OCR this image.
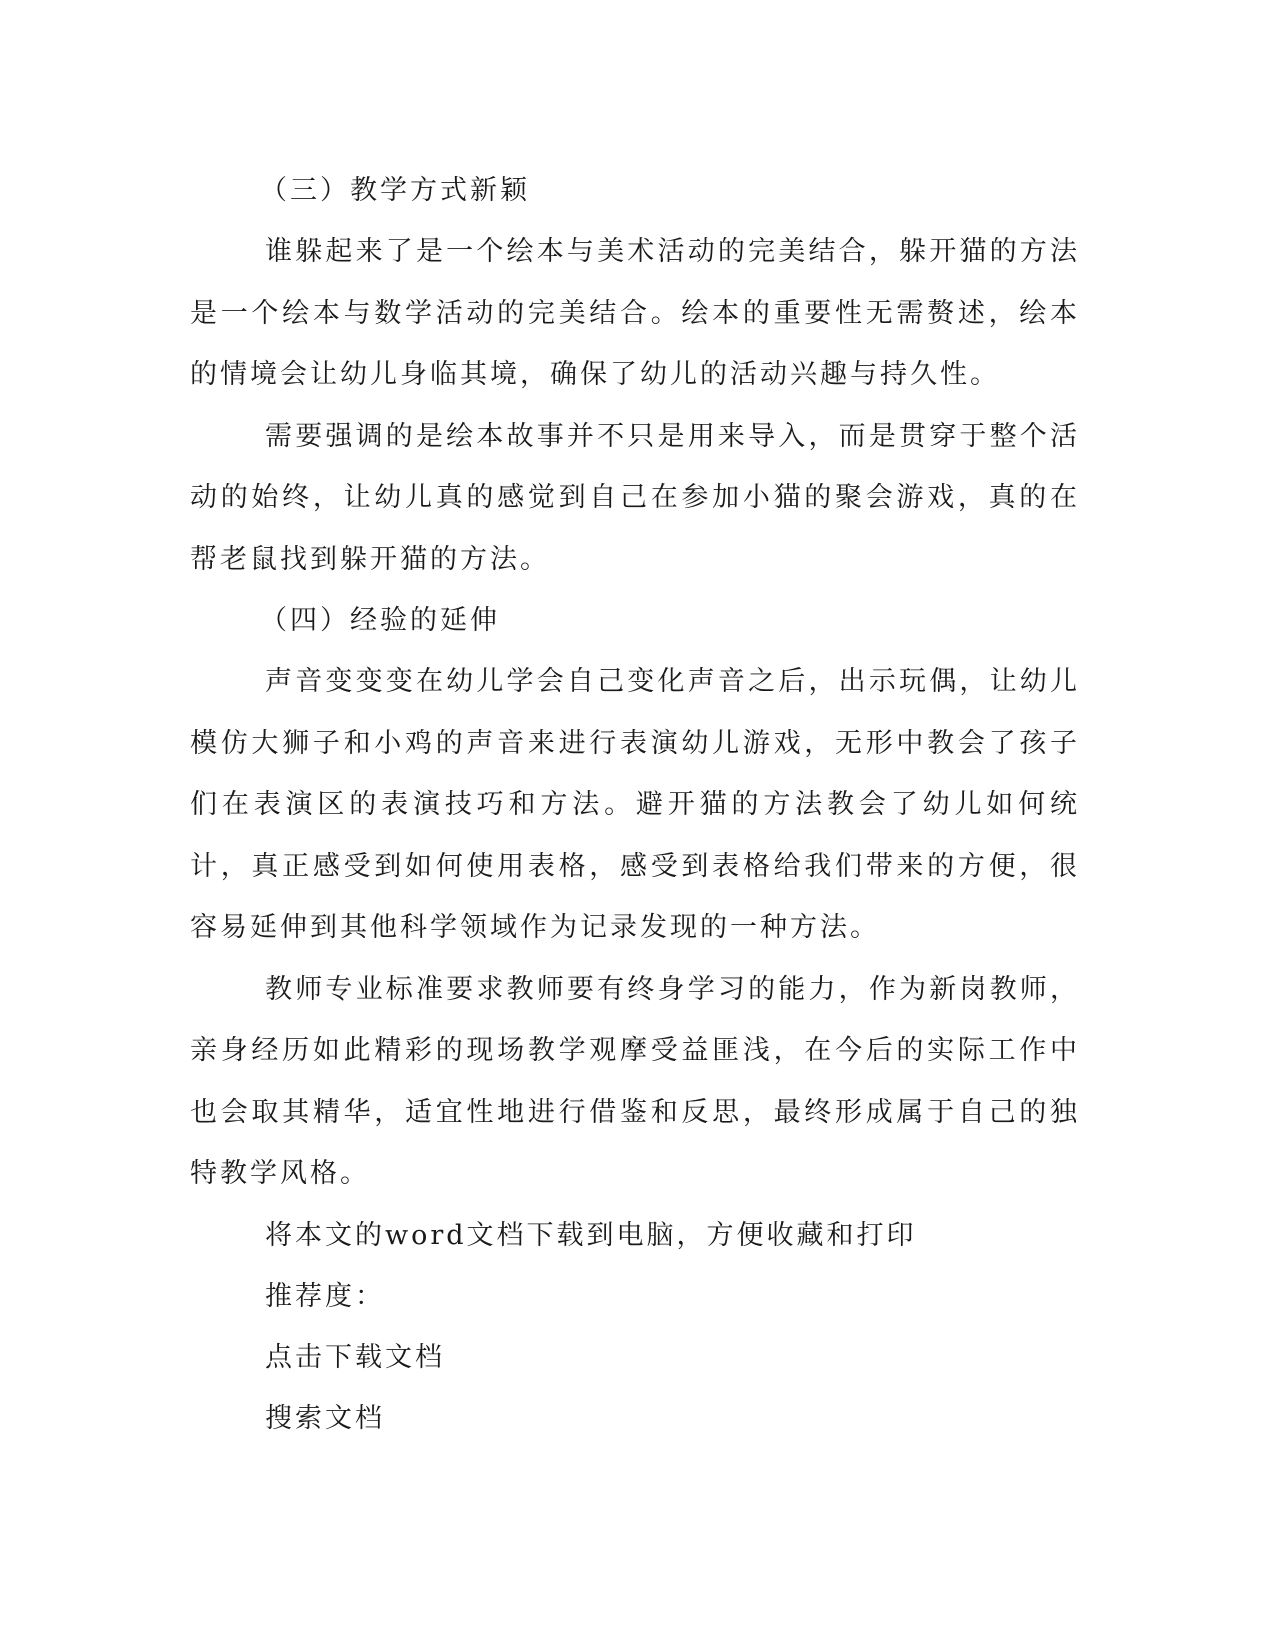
（三）教学方式新颖

谁躲起来了是一个绘本与美术活动的完美结合，躲开猫的方法是一个绘本与数学活动的完美结合。绘本的重要性无需赘述，绘本的情境会让幼儿身临其境，确保了幼儿的活动兴趣与持久性。

需要强调的是绘本故事并不只是用来导入，而是贯穿于整个活动的始终，让幼儿真的感觉到自己在参加小猫的聚会游戏，真的在帮老鼠找到躲开猫的方法。

（四）经验的延伸

声音变变变在幼儿学会自己变化声音之后，出示玩偶，让幼儿模仿大狮子和小鸡的声音来进行表演幼儿游戏，无形中教会了孩子们在表演区的表演技巧和方法。避开猫的方法教会了幼儿如何统计，真正感受到如何使用表格，感受到表格给我们带来的方便，很容易延伸到其他科学领域作为记录发现的一种方法。

教师专业标准要求教师要有终身学习的能力，作为新岗教师，亲身经历如此精彩的现场教学观摩受益匪浅，在今后的实际工作中也会取其精华，适宜性地进行借鉴和反思，最终形成属于自己的独特教学风格。

将本文的word文档下载到电脑，方便收藏和打印

推荐度：

点击下载文档

搜索文档
